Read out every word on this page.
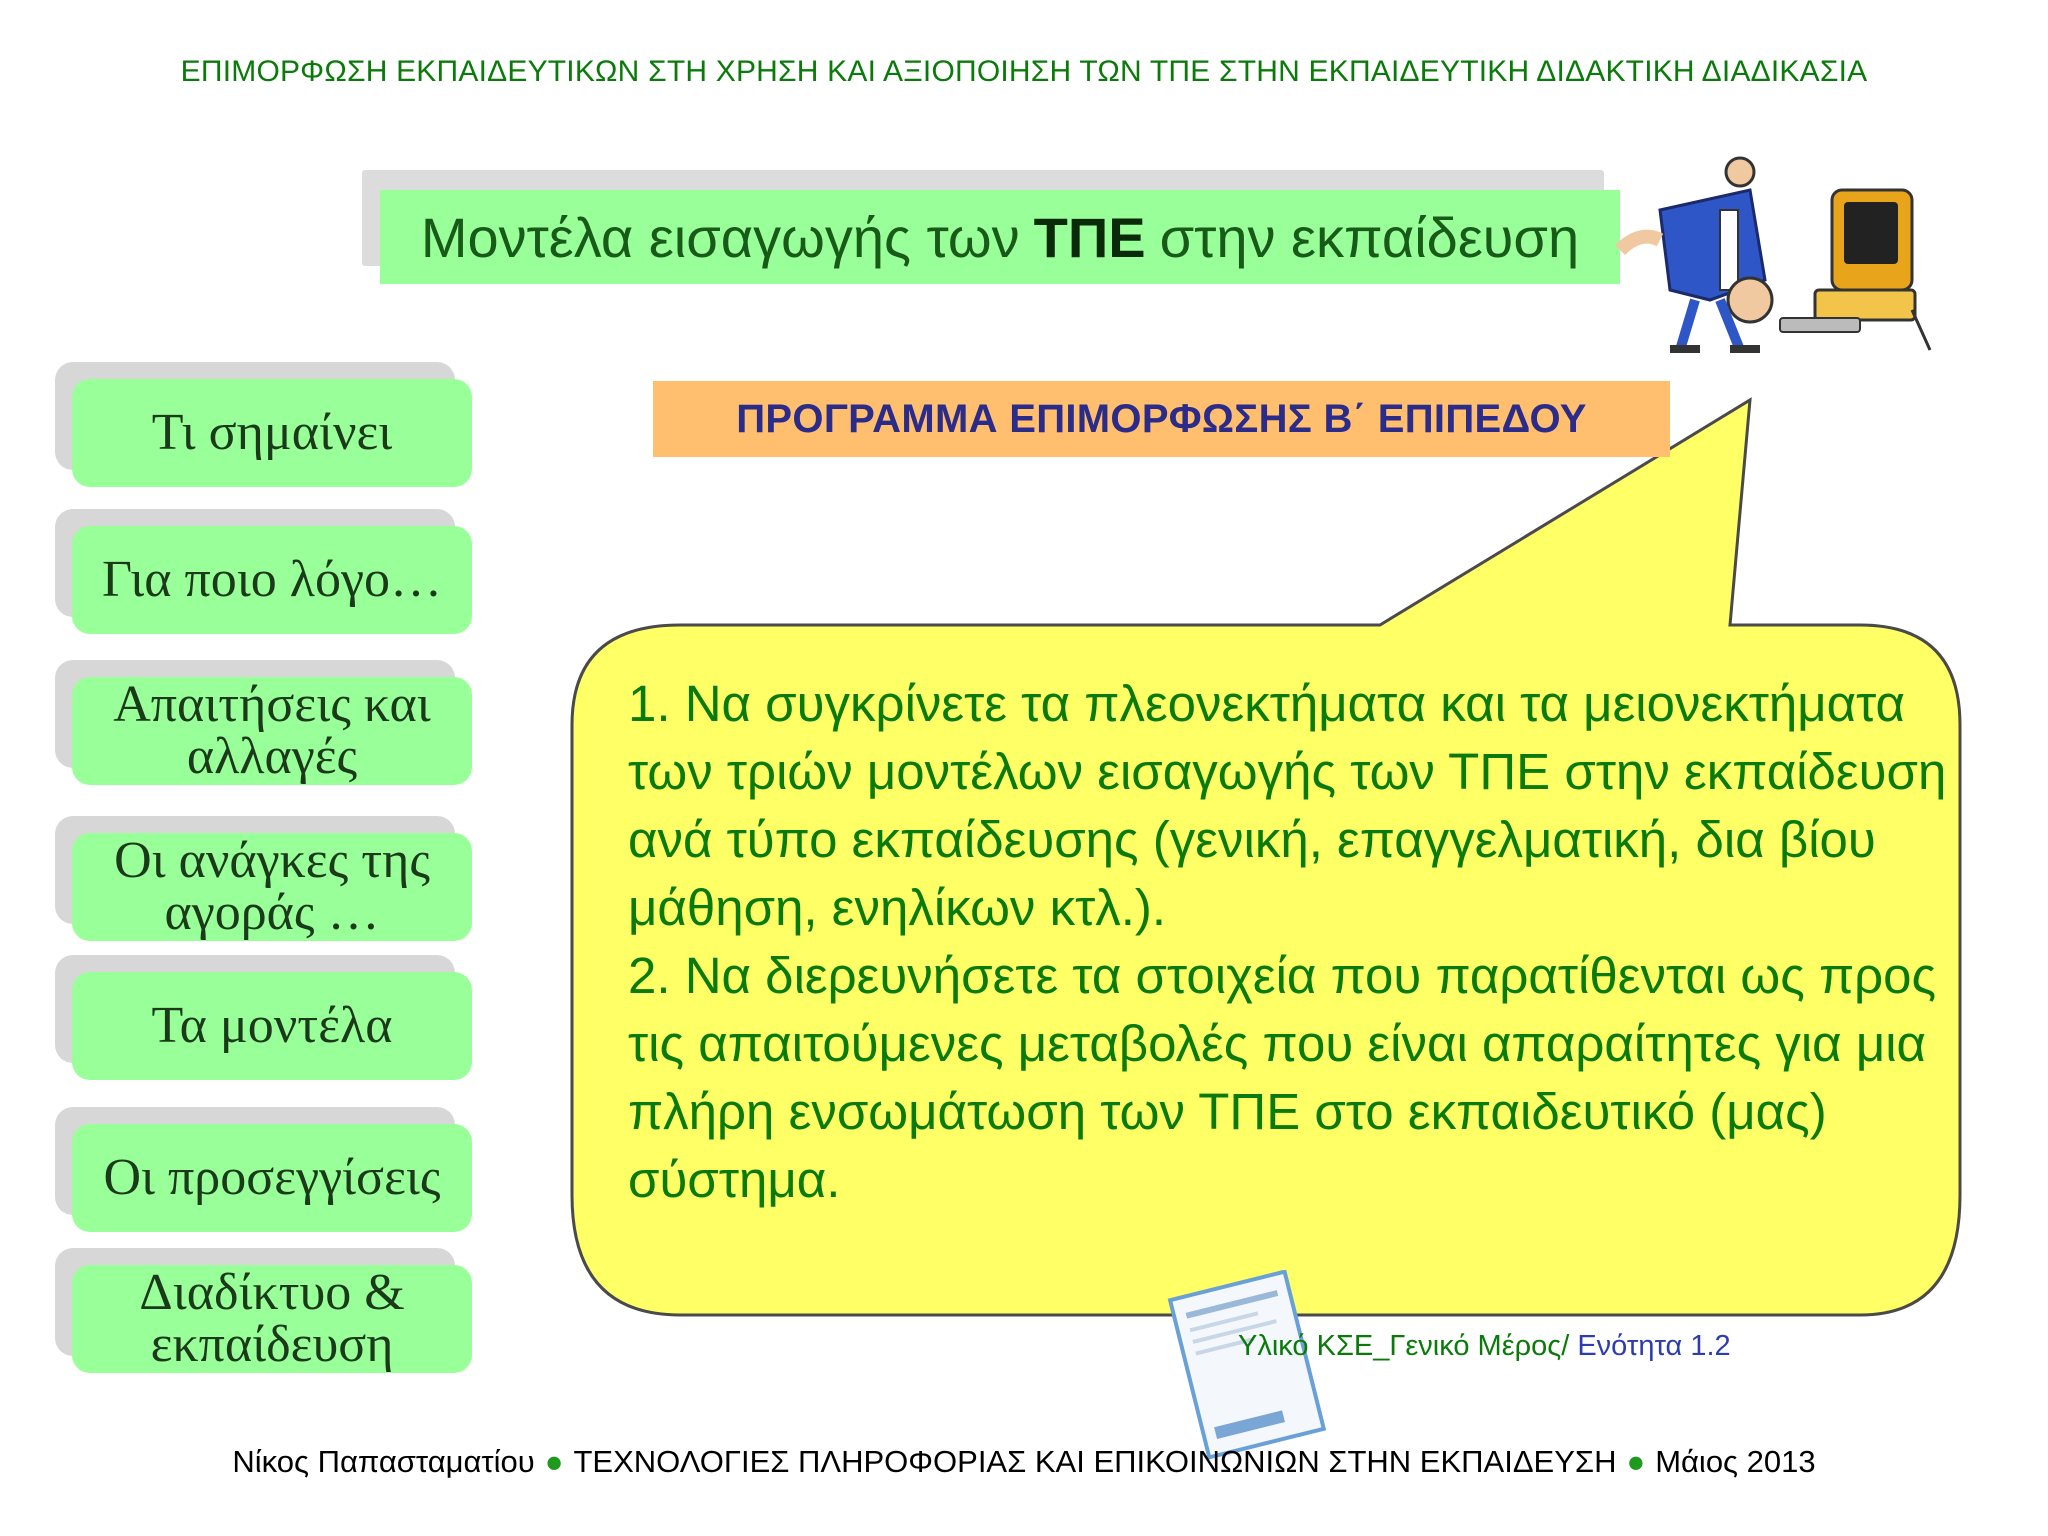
ΕΠΙΜΟΡΦΩΣΗ ΕΚΠΑΙΔΕΥΤΙΚΩΝ ΣΤΗ ΧΡΗΣΗ ΚΑΙ ΑΞΙΟΠΟΙΗΣΗ ΤΩΝ ΤΠΕ ΣΤΗΝ ΕΚΠΑΙΔΕΥΤΙΚΗ ΔΙΔΑΚΤΙΚΗ ΔΙΑΔΙΚΑΣΙΑ
Μοντέλα εισαγωγής των ΤΠΕ στην εκπαίδευση
Τι σημαίνει
Για ποιο λόγο…
Απαιτήσεις και αλλαγές
Οι ανάγκες της αγοράς …
Τα μοντέλα
Οι προσεγγίσεις
Διαδίκτυο & εκπαίδευση
ΠΡΟΓΡΑΜΜΑ ΕΠΙΜΟΡΦΩΣΗΣ Β΄ ΕΠΙΠΕΔΟΥ
1. Να συγκρίνετε τα πλεονεκτήματα και τα μειονεκτήματα των τριών μοντέλων εισαγωγής των ΤΠΕ στην εκπαίδευση ανά τύπο εκπαίδευσης (γενική, επαγγελματική, δια βίου μάθηση, ενηλίκων κτλ.).
2. Να διερευνήσετε τα στοιχεία που παρατίθενται ως προς τις απαιτούμενες μεταβολές που είναι απαραίτητες για μια πλήρη ενσωμάτωση των ΤΠΕ στο εκπαιδευτικό (μας) σύστημα.
Υλικό ΚΣΕ_Γενικό Μέρος/ Ενότητα 1.2
Νίκος Παπασταματίου ● ΤΕΧΝΟΛΟΓΙΕΣ ΠΛΗΡΟΦΟΡΙΑΣ ΚΑΙ ΕΠΙΚΟΙΝΩΝΙΩΝ ΣΤΗΝ ΕΚΠΑΙΔΕΥΣΗ ● Μάιος 2013
